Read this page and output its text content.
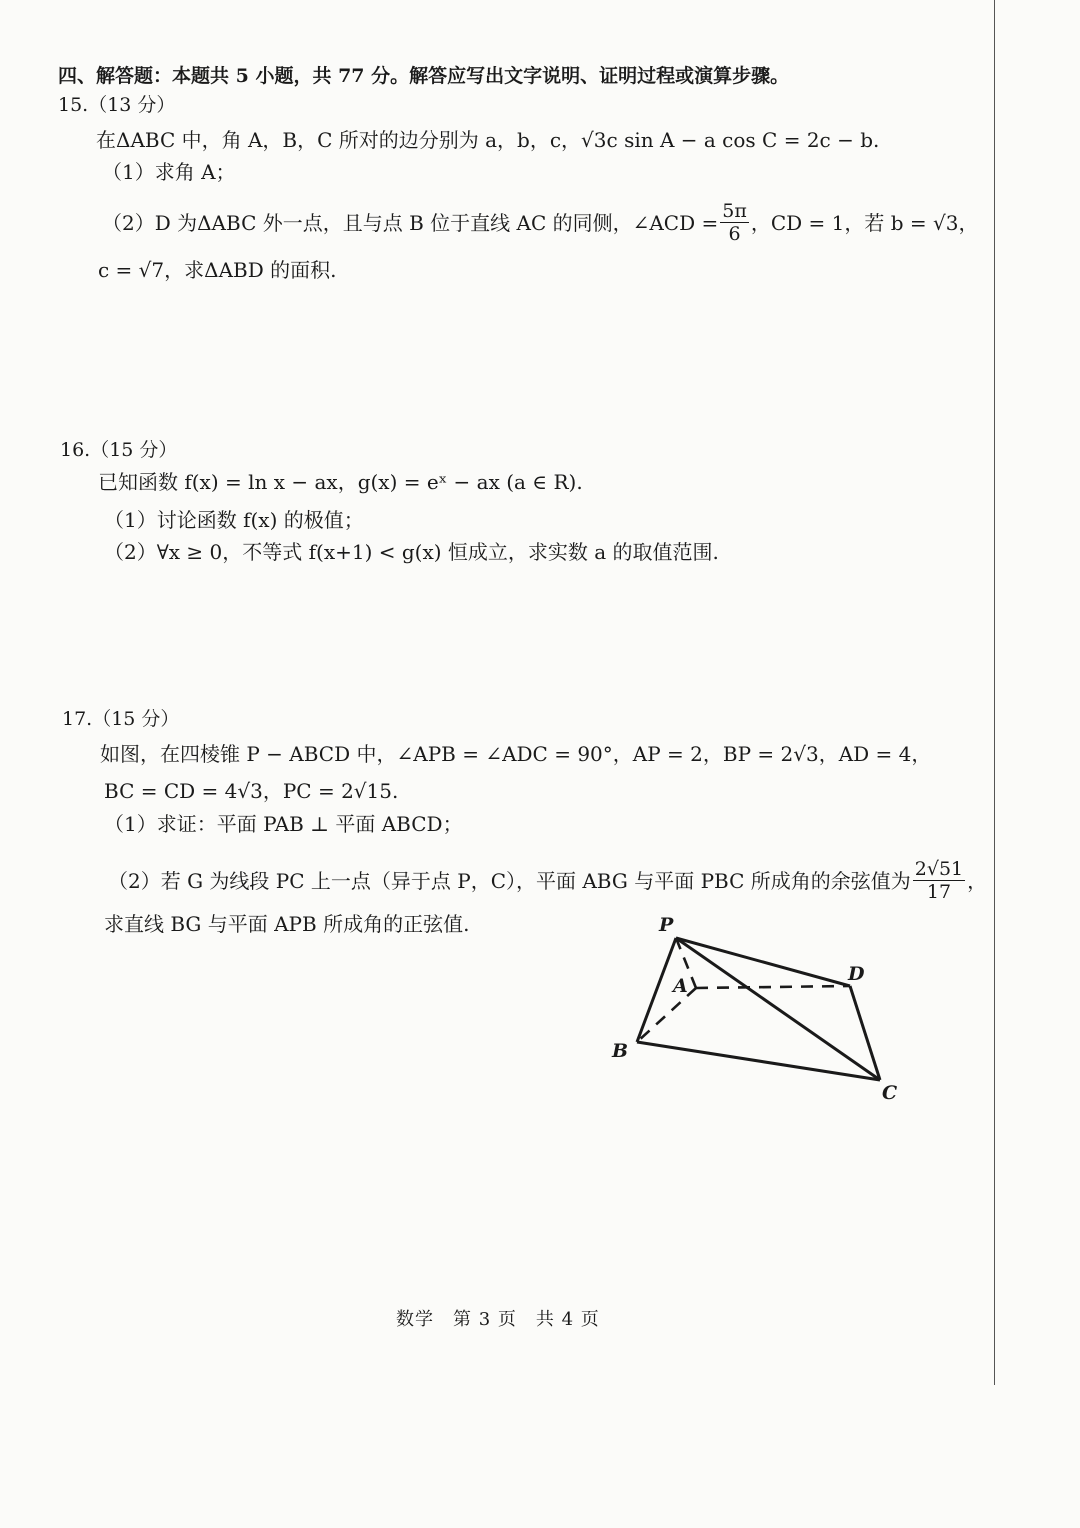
四、解答题：本题共 5 小题，共 77 分。解答应写出文字说明、证明过程或演算步骤。
15.（13 分）
在ΔABC 中，角 A，B，C 所对的边分别为 a，b，c，√3c sin A − a cos C = 2c − b.
（1）求角 A；
（2）D 为ΔABC 外一点，且与点 B 位于直线 AC 的同侧，∠ACD = $\frac{5\pi}{6}$ ，CD = 1，若 b = √3，
c = √7，求ΔABD 的面积.
16.（15 分）
已知函数 f(x) = ln x − ax，g(x) = eˣ − ax (a ∈ R).
（1）讨论函数 f(x) 的极值；
（2）∀x ≥ 0，不等式 f(x+1) < g(x) 恒成立，求实数 a 的取值范围.
17.（15 分）
如图，在四棱锥 P − ABCD 中，∠APB = ∠ADC = 90°，AP = 2，BP = 2√3，AD = 4，
BC = CD = 4√3，PC = 2√15.
（1）求证：平面 PAB ⊥ 平面 ABCD；
（2）若 G 为线段 PC 上一点（异于点 P，C），平面 ABG 与平面 PBC 所成角的余弦值为 $\frac{2√51}{17}$ ，
求直线 BG 与平面 APB 所成角的正弦值.	P
A
B
C
D
数学　第 3 页　共 4 页
